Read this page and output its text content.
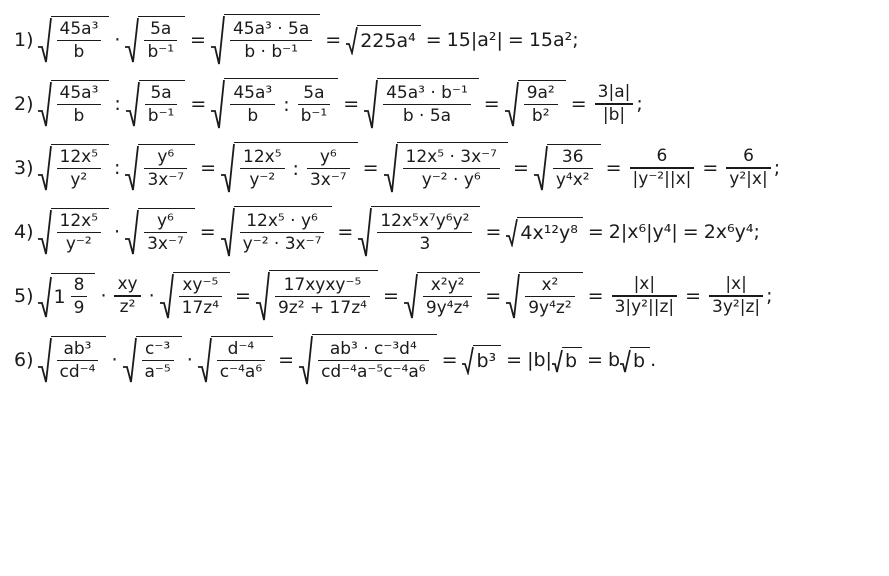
$1) \frac{\text{45a³}}{b} \cdot \frac{5a}{\text{b⁻¹}} = \frac{\text{45a³ · 5a}}{\text{b · b⁻¹}} = 225a^4 = 15|a^2| = 15a^2$;
$2) \frac{\text{45a³}}{b}$ : $\frac{5a}{\text{b⁻¹}} = \frac{\text{45a³}}{b}$ : $\frac{5a}{\text{b⁻¹}} = \frac{\text{45a³ · b⁻¹}}{b \cdot 5a} = \frac{\text{9a²}}{\text{b²}} = \frac{3|a|}{|b|}$ ;
$3) \frac{\text{12x⁵}}{\text{y²}}$ : $\frac{\text{y⁶}}{\text{3x⁻⁷}} = \frac{\text{12x⁵}}{\text{y⁻²}}$ : $\frac{\text{y⁶}}{\text{3x⁻⁷}} = \frac{\text{12x⁵ · 3x⁻⁷}}{\text{y⁻² · y⁶}} = \frac{36}{\text{y⁴x²}} = \frac{6}{\text{|y⁻²||x|}} = \frac{6}{\text{y²|x|}}$ ;
$4) \frac{\text{12x⁵}}{\text{y⁻²}} \cdot \frac{\text{y⁶}}{\text{3x⁻⁷}} = \frac{\text{12x⁵ · y⁶}}{\text{y⁻² · 3x⁻⁷}} = \frac{\text{12x⁵x⁷y⁶y²}}{3} = 4x^{12}y^8 = 2|x^6|y^4| = 2x^6y^4$;
5) $1 \frac{8}{9} \cdot \frac{xy}{\text{z²}} \cdot \frac{\text{xy⁻⁵}}{\text{17z⁴}} = \frac{\text{17xyxy⁻⁵}}{\text{9z² + 17z⁴}} = \frac{\text{x²y²}}{\text{9y⁴z⁴}} = \frac{\text{x²}}{\text{9y⁴z²}} = \frac{|x|}{\text{3|y²||z|}} = \frac{|x|}{\text{3y²|z|}}$ ;
$6) \frac{\text{ab³}}{\text{cd⁻⁴}} \cdot \frac{\text{c⁻³}}{\text{a⁻⁵}} \cdot \frac{\text{d⁻⁴}}{\text{c⁻⁴a⁶}} = \frac{\text{ab³ · c⁻³d⁴}}{\text{cd⁻⁴a⁻⁵c⁻⁴a⁶}} = b^3 = |b|$ b = b b .
